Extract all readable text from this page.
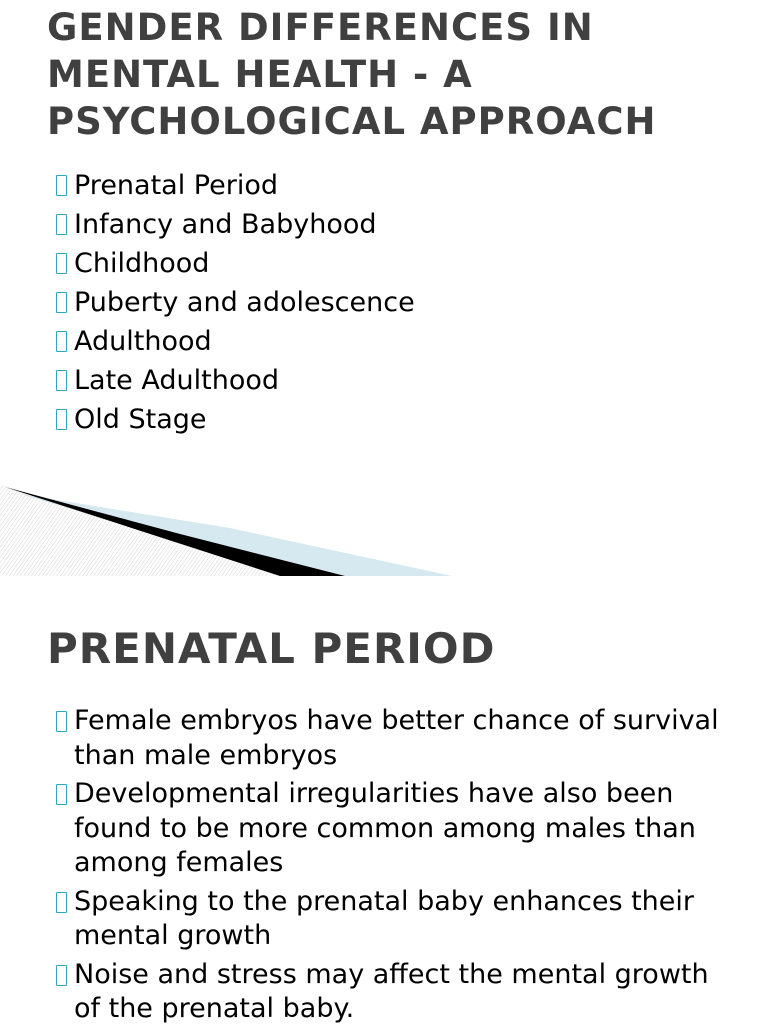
GENDER DIFFERENCES IN MENTAL HEALTH - A PSYCHOLOGICAL APPROACH
Prenatal Period
Infancy and Babyhood
Childhood
Puberty and adolescence
Adulthood
Late Adulthood
Old Stage
PRENATAL PERIOD
Female embryos have better chance of survival than male embryos
Developmental irregularities have also been found to be more common among males than among females
Speaking to the prenatal baby enhances their mental growth
Noise and stress may affect the mental growth of the prenatal baby.
